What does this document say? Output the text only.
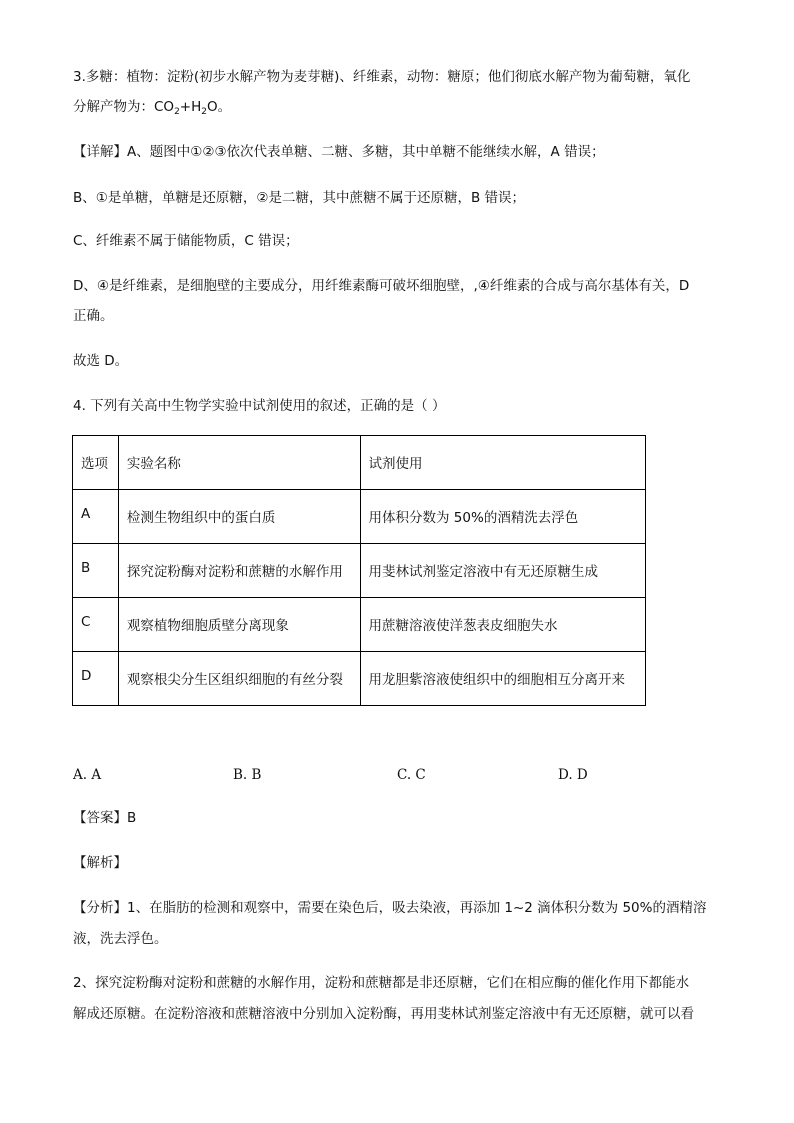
3.多糖：植物：淀粉(初步水解产物为麦芽糖)、纤维素，动物：糖原；他们彻底水解产物为葡萄糖，氧化
分解产物为：$CO_2+H_2O$。
【详解】A、题图中①②③依次代表单糖、二糖、多糖，其中单糖不能继续水解，A 错误；
B、①是单糖，单糖是还原糖，②是二糖，其中蔗糖不属于还原糖，B 错误；
C、纤维素不属于储能物质，C 错误；
D、④是纤维素，是细胞壁的主要成分，用纤维素酶可破坏细胞壁，,④纤维素的合成与高尔基体有关，D
正确。
故选 D。
4. 下列有关高中生物学实验中试剂使用的叙述，正确的是（ ）
选项	实验名称	试剂使用
A	检测生物组织中的蛋白质	用体积分数为 50%的酒精洗去浮色
B	探究淀粉酶对淀粉和蔗糖的水解作用	用斐林试剂鉴定溶液中有无还原糖生成
C	观察植物细胞质壁分离现象	用蔗糖溶液使洋葱表皮细胞失水
D	观察根尖分生区组织细胞的有丝分裂	用龙胆紫溶液使组织中的细胞相互分离开来
A. A	B. B	C. C	D. D
【答案】B
【解析】
【分析】1、在脂肪的检测和观察中，需要在染色后，吸去染液，再添加 1~2 滴体积分数为 50%的酒精溶
液，洗去浮色。
2、探究淀粉酶对淀粉和蔗糖的水解作用，淀粉和蔗糖都是非还原糖，它们在相应酶的催化作用下都能水
解成还原糖。在淀粉溶液和蔗糖溶液中分别加入淀粉酶，再用斐林试剂鉴定溶液中有无还原糖，就可以看
